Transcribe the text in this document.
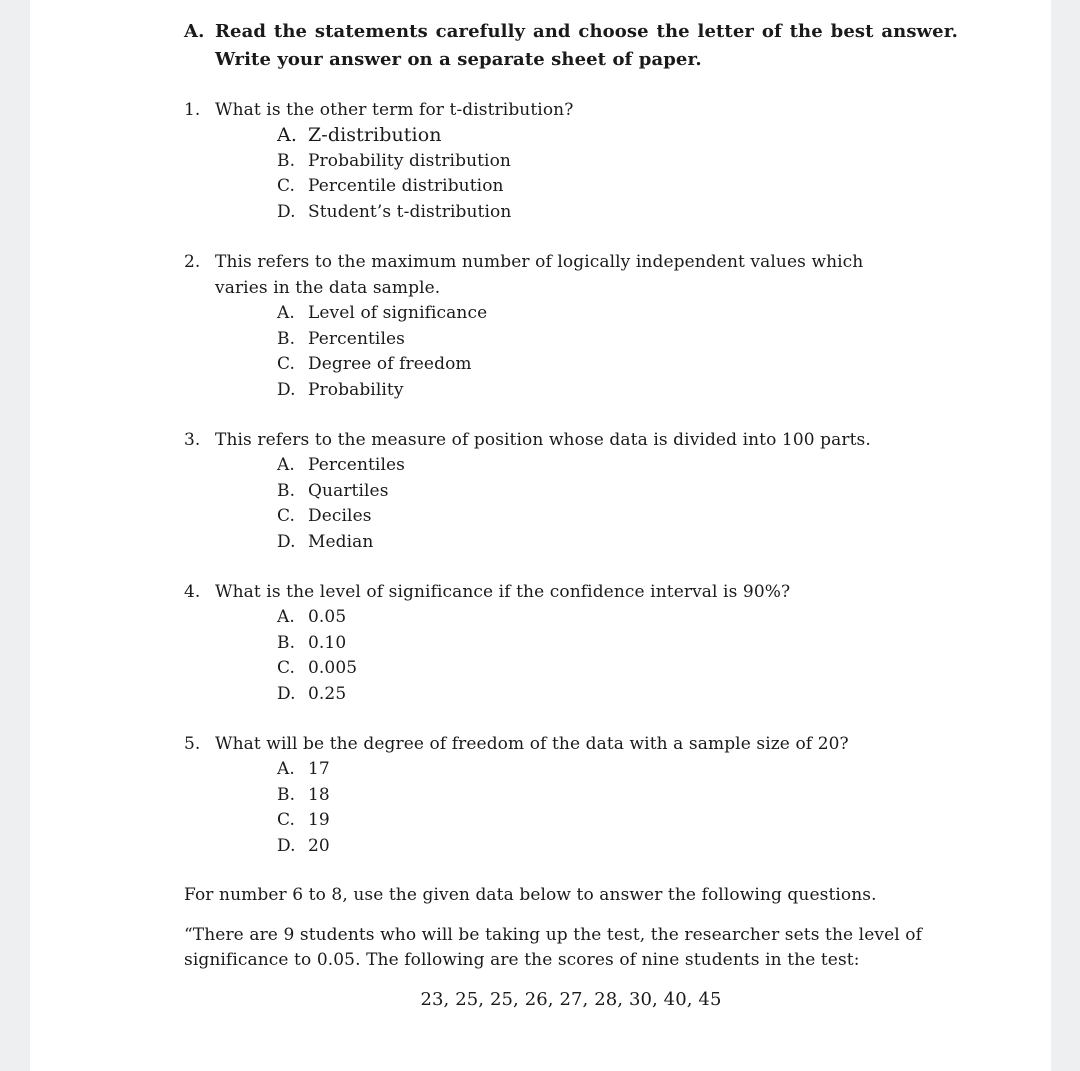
A. Read the statements carefully and choose the letter of the best answer. Write your answer on a separate sheet of paper.
1. What is the other term for t-distribution?
A. Z-distribution
B. Probability distribution
C. Percentile distribution
D. Student’s t-distribution
2. This refers to the maximum number of logically independent values which varies in the data sample.
A. Level of significance
B. Percentiles
C. Degree of freedom
D. Probability
3. This refers to the measure of position whose data is divided into 100 parts.
A. Percentiles
B. Quartiles
C. Deciles
D. Median
4. What is the level of significance if the confidence interval is 90%?
A. 0.05
B. 0.10
C. 0.005
D. 0.25
5. What will be the degree of freedom of the data with a sample size of 20?
A. 17
B. 18
C. 19
D. 20

For number 6 to 8, use the given data below to answer the following questions.

“There are 9 students who will be taking up the test, the researcher sets the level of significance to 0.05. The following are the scores of nine students in the test:

23, 25, 25, 26, 27, 28, 30, 40, 45
